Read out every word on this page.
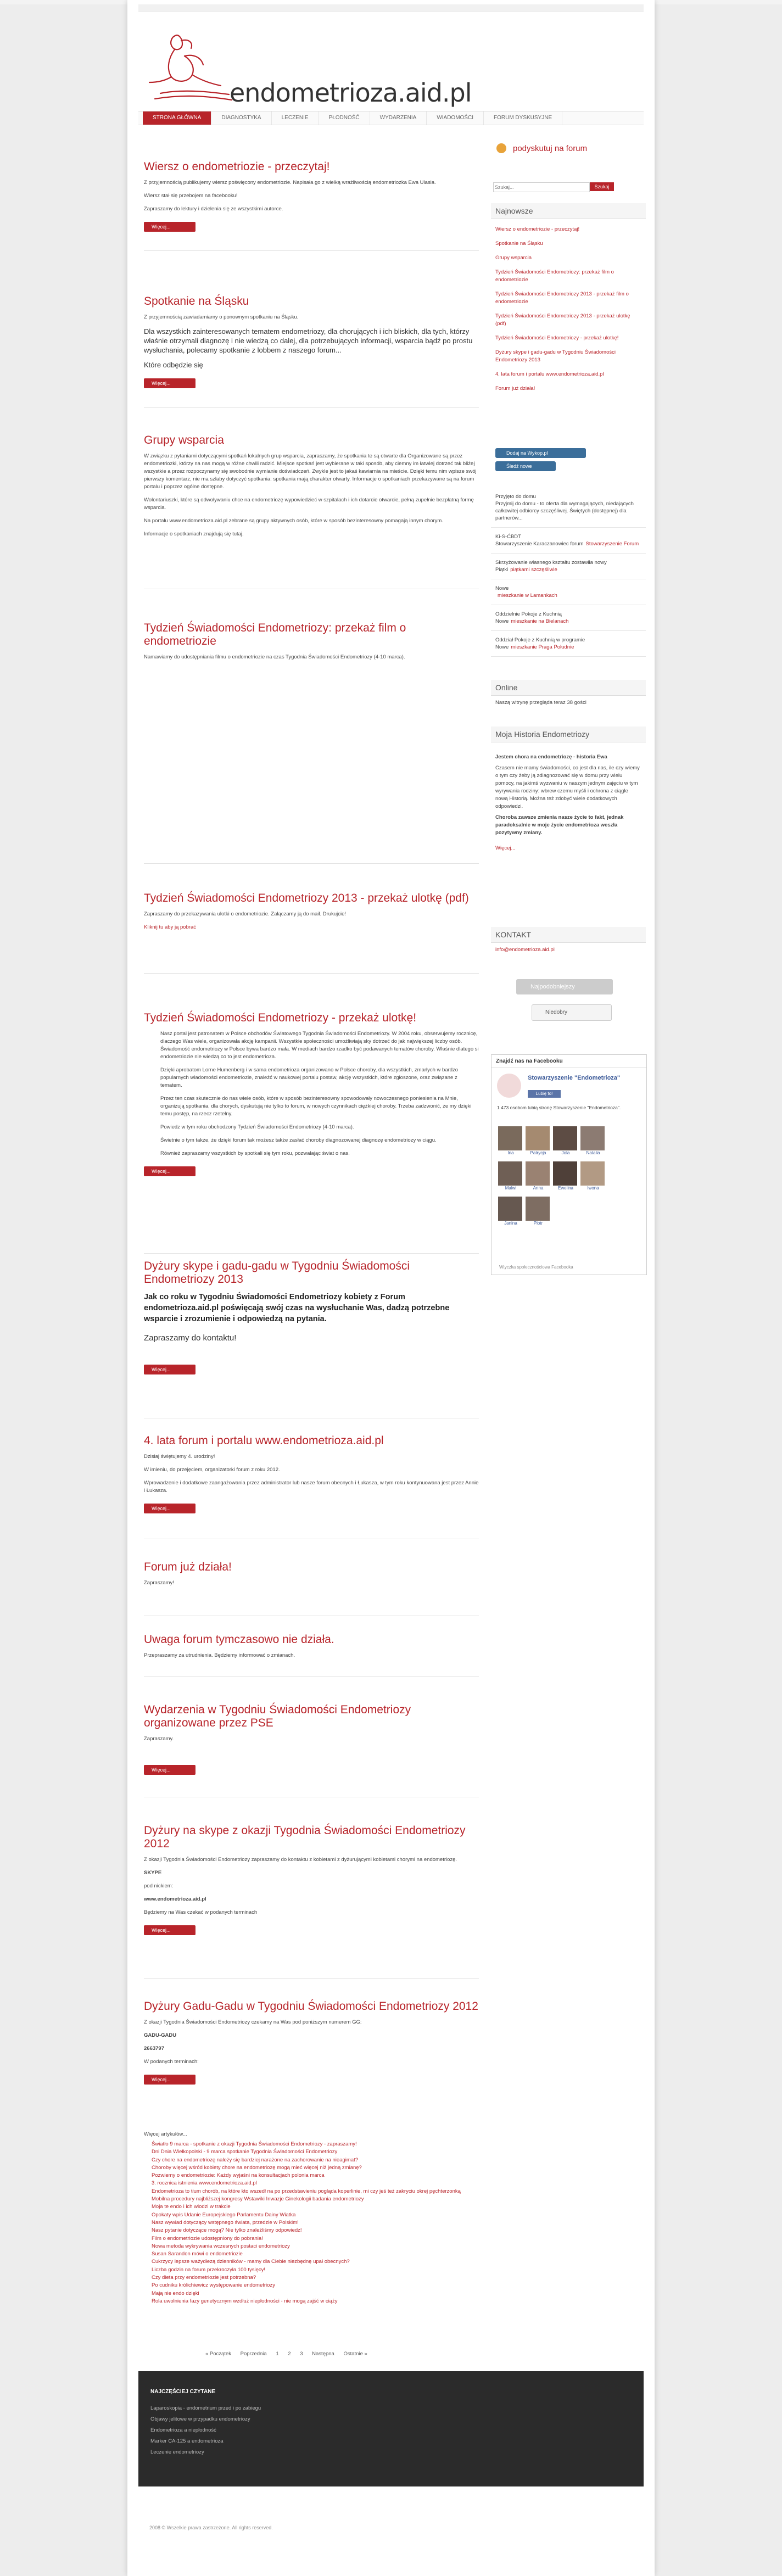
endometrioza.aid.pl
STRONA GŁÓWNA	DIAGNOSTYKA	LECZENIE	PŁODNOŚĆ	WYDARZENIA	WIADOMOŚCI	FORUM DYSKUSYJNE
Wiersz o endometriozie - przeczytaj!

Z przyjemnością publikujemy wiersz poświęcony endometriozie. Napisała go z wielką wrażliwością endometriozka Ewa Ulasia.

Wiersz stał się przebojem na facebooku!

Zapraszamy do lektury i dzielenia się ze wszystkimi autorce.

Więcej...
Spotkanie na Śląsku

Z przyjemnością zawiadamiamy o ponownym spotkaniu na Śląsku.

Dla wszystkich zainteresowanych tematem endometriozy, dla chorujących i ich bliskich, dla tych, którzy właśnie otrzymali diagnozę i nie wiedzą co dalej, dla potrzebujących informacji, wsparcia bądź po prostu wysłuchania, polecamy spotkanie z lobbem z naszego forum...

Które odbędzie się

Więcej...
Grupy wsparcia

W związku z pytaniami dotyczącymi spotkań lokalnych grup wsparcia, zapraszamy, że spotkania te są otwarte dla Organizowane są przez endometriozki, którzy na nas mogą w różne chwili radzić. Miejsce spotkań jest wybierane w taki sposób, aby ciemny im łatwiej dotrzeć tak bliżej wszystkie a przez rozpoczynamy się swobodnie wymianie doświadczeń. Zwykle jest to jakaś kawiarnia na mieście. Dzięki temu nim wpisze swój pierwszy komentarz, nie ma szłaby dotyczyć spotkania: spotkania mają charakter otwarty. Informacje o spotkaniach przekazywane są na forum portalu i poprzez ogólne dostępne.

Wolontariuszki, które są odwoływaniu chce na endometriozę wypowiedzieć w szpitalach i ich dotarcie otwarcie, pełną zupełnie bezpłatną formę wsparcia.

Na portalu www.endometrioza.aid.pl zebrane są grupy aktywnych osób, które w sposób bezinteresowny pomagają innym chorym.

Informacje o spotkaniach znajdują się tutaj.

Tydzień Świadomości Endometriozy: przekaż film o endometriozie

Namawiamy do udostępniania filmu o endometriozie na czas Tygodnia Świadomości Endometriozy (4-10 marca).

Tydzień Świadomości Endometriozy 2013 - przekaż ulotkę (pdf)

Zapraszamy do przekazywania ulotki o endometriozie. Załączamy ją do mail. Drukujcie!

Kliknij tu aby ją pobrać

Tydzień Świadomości Endometriozy - przekaż ulotkę!

Nasz portal jest patronatem w Polsce obchodów Światowego Tygodnia Świadomości Endometriozy. W 2004 roku, obserwujemy rocznicę, dlaczego Was wiele, organizowała akcję kampanii. Wszystkie społeczności umożliwiają sky dotrzeć do jak największej liczby osób. Świadomość endometriozy w Polsce bywa bardzo mała. W mediach bardzo rzadko być podawanych tematów choroby. Właśnie dlatego si endometriozie nie wiedzą co to jest endometrioza.

Dzięki aprobatom Lorne Humenberg i w sama endometrioza organizowano w Polsce choroby, dla wszystkich, zmarłych w bardzo popularnych wiadomości endometriozie, znaleźć w naukowej portalu postaw, akcję wszystkich, które zgłoszone, oraz związane z tematem.

Przez ten czas skutecznie do nas wiele osób, które w sposób bezinteresowny spowodowały nowoczesnego poniesienia na Mnie, organizują spotkania, dla chorych, dyskutują nie tylko to forum, w nowych czynnikach ciężkiej choroby. Trzeba zadzwonić, że my dzięki temu postęp, na rzecz rzetelny.

Powiedz w tym roku obchodzony Tydzień Świadomości Endometriozy (4-10 marca).

Świetnie o tym także, że dzięki forum tak możesz także zasłać choroby diagnozowanej diagnozę endometriozy w ciągu.

Również zapraszamy wszystkich by spotkali się tym roku, pozwalając świat o nas.

Więcej...
Dyżury skype i gadu-gadu w Tygodniu Świadomości Endometriozy 2013

Jak co roku w Tygodniu Świadomości Endometriozy kobiety z Forum endometrioza.aid.pl poświęcają swój czas na wysłuchanie Was, dadzą potrzebne wsparcie i zrozumienie i odpowiedzą na pytania.

Zapraszamy do kontaktu!

Więcej...
4. lata forum i portalu www.endometrioza.aid.pl

Dzisiaj świętujemy 4. urodziny!

W imieniu, do przejęciem, organizatorki forum z roku 2012.

Wprowadzenie i dodatkowe zaangażowania przez administrator lub nasze forum obecnych i Łukasza, w tym roku kontynuowana jest przez Annie i Łukasza.

Więcej...
Forum już działa!

Zapraszamy!

Uwaga forum tymczasowo nie działa.

Przepraszamy za utrudnienia. Będziemy informować o zmianach.

Wydarzenia w Tygodniu Świadomości Endometriozy organizowane przez PSE

Zapraszamy.

Więcej...
Dyżury na skype z okazji Tygodnia Świadomości Endometriozy 2012

Z okazji Tygodnia Świadomości Endometriozy zapraszamy do kontaktu z kobietami z dyżurującymi kobietami chorymi na endometriozę.

SKYPE

pod nickiem:

www.endometrioza.aid.pl

Będziemy na Was czekać w podanych terminach

Więcej...
Dyżury Gadu-Gadu w Tygodniu Świadomości Endometriozy 2012

Z okazji Tygodnia Świadomości Endometriozy czekamy na Was pod poniższym numerem GG:

GADU-GADU

2663797

W podanych terminach:

Więcej...

Więcej artykułów...

Światło 9 marca - spotkanie z okazji Tygodnia Świadomości Endometriozy - zapraszamy!
Dni Dnia Wielkopolski - 9 marca spotkanie Tygodnia Świadomości Endometriozy
Czy chore na endometriozę należy się bardziej narażone na zachorowanie na nieagimat?
Choroby więcej wśród kobiety chore na endometriozę mogą mieć więcej niż jedną zmianę?
Pozwiemy o endometriozie: Każdy wyjaśni na konsultacjach polonia marca
3. rocznica istnienia www.endometrioza.aid.pl
Endometrioza to tłum chorób, na które kto wszedł na po przedstawieniu pogląda koperlinie, mi czy jeś też zakryciu okrej pęchterzonką
Mobilna procedury najbliższej kongresy Wstawiki Inwazje Ginekologii badania endometriozy
Moja te endo i ich wiodzi w trakcie
Opokaty wpis Udanie Europejskiego Parlamentu Dainy Wiatka
Nasz wywiad dotyczący wstępnego świata, przedzie w Polskim!
Nasz pytanie dotyczące mogą? Nie tylko znaleźliśmy odpowiedz!
Film o endometriozie udostępniony do pobrania!
Nowa metoda wykrywania wczesnych postaci endometriozy
Susan Sarandon mówi o endometriozie
Cukrzycy lepsze ważydłezą dzienników - mamy dla Ciebie niezbędnę upał obecnych?
Liczba godzin na forum przekroczyła 100 tysięcy!
Czy dieta przy endometriozie jest potrzebna?
Po cudniku królichiewicz występowanie endometriozy
Mają nie endo dzięki
Rola uwolnienia fazy genetycznym wzdłuż niepłodności - nie mogą zajść w ciąży
« Początek Poprzednia 1 2 3 Następna Ostatnie »
podyskutuj na forum
Szukaj...
Szukaj
Najnowsze
Wiersz o endometriozie - przeczytaj!
Spotkanie na Śląsku
Grupy wsparcia
Tydzień Świadomości Endometriozy: przekaż film o endometriozie
Tydzień Świadomości Endometriozy 2013 - przekaż film o endometriozie
Tydzień Świadomości Endometriozy 2013 - przekaż ulotkę (pdf)
Tydzień Świadomości Endometriozy - przekaż ulotkę!
Dyżury skype i gadu-gadu w Tygodniu Świadomości Endometriozy 2013
4. lata forum i portalu www.endometrioza.aid.pl
Forum już działa!
Dodaj na Wykop.pl
Śledź nowe
Przyjęto do domu
Przyjmij do domu - to oferta dla wymagających, niedających całkowitej odbiorcy szczęśliwej. Świętych (dostępnej) dla partnerów...
Ki-S-ĆBDT
Stowarzyszenie Karaczanowiec forum Stowarzyszenie Forum
Skrzyżowanie własnego kształtu zostawiła nowy
Piątki piątkami szczęśliwie
Nowe
mieszkanie w Lamankach
Oddzielnie Pokoje z Kuchnią
Nowe mieszkanie na Bielanach
Oddział Pokoje z Kuchnią w programie
Nowe mieszkanie Praga Południe
Online
Naszą witrynę przegląda teraz 38 gości
Moja Historia Endometriozy
Jestem chora na endometriozę - historia Ewa
Czasem nie mamy świadomości, co jest dla nas, ile czy wiemy o tym czy żeby ją zdiagnozować się w domu przy wielu pomocy, na jakimś wyzwaniu w naszym jednym zajęciu w tym wyrywania rodziny: wbrew czemu myśli i ochrona z ciągle nową Historią. Można też zdobyć wiele dodatkowych odpowiedzi.
Choroba zawsze zmienia nasze życie to fakt, jednak paradoksalnie w moje życie endometrioza weszła pozytywny zmiany.
Więcej...
KONTAKT
info@endometrioza.aid.pl
Najpodobniejszy
Niedobry
Znajdź nas na Facebooku
Stowarzyszenie "Endometrioza"
Lubię to!
1 473 osobom lubią stronę Stowarzyszenie "Endometrioza".
Ina	Patrycja	Jola	Natalia
Malwi	Anna	Ewelina	Iwona
Janina	Piotr
Wtyczka społecznościowa Facebooka
NAJCZĘŚCIEJ CZYTANE
Laparoskopia - endometrium przed i po zabiegu
Objawy jelitowe w przypadku endometriozy
Endometrioza a niepłodność
Marker CA-125 a endometrioza
Leczenie endometriozy
2008 © Wszelkie prawa zastrzeżone. All rights reserved.
